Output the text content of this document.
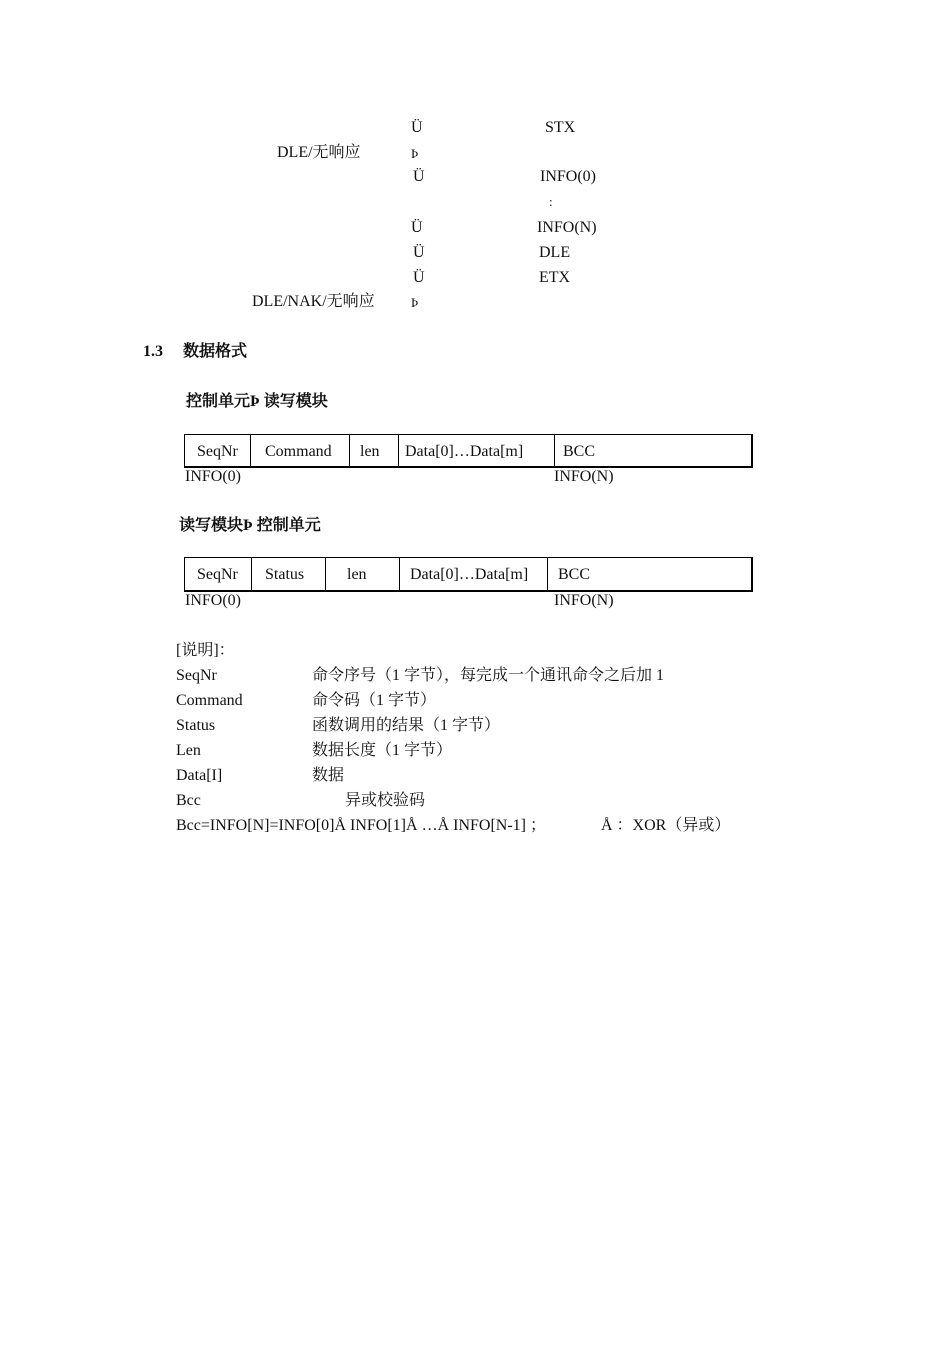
Ü	STX
DLE/无响应	Þ
Ü	INFO(0)
:
Ü	INFO(N)
Ü	DLE
Ü	ETX
DLE/NAK/无响应	Þ
1.3 数据格式
控制单元Þ 读写模块
SeqNr Command len Data[0]…Data[m] BCC
INFO(0)	INFO(N)
读写模块Þ 控制单元
SeqNr Status	len	Data[0]…Data[m] BCC
INFO(0)	INFO(N)
[说明]：
SeqNr	命令序号（1 字节），每完成一个通讯命令之后加 1
Command	命令码（1 字节）
Status	函数调用的结果（1 字节）
Len	数据长度（1 字节）
Data[I]	数据
Bcc	异或校验码
Bcc=INFO[N]=INFO[0]Å INFO[1]Å …Å INFO[N-1] ；	Å ：XOR（异或）
